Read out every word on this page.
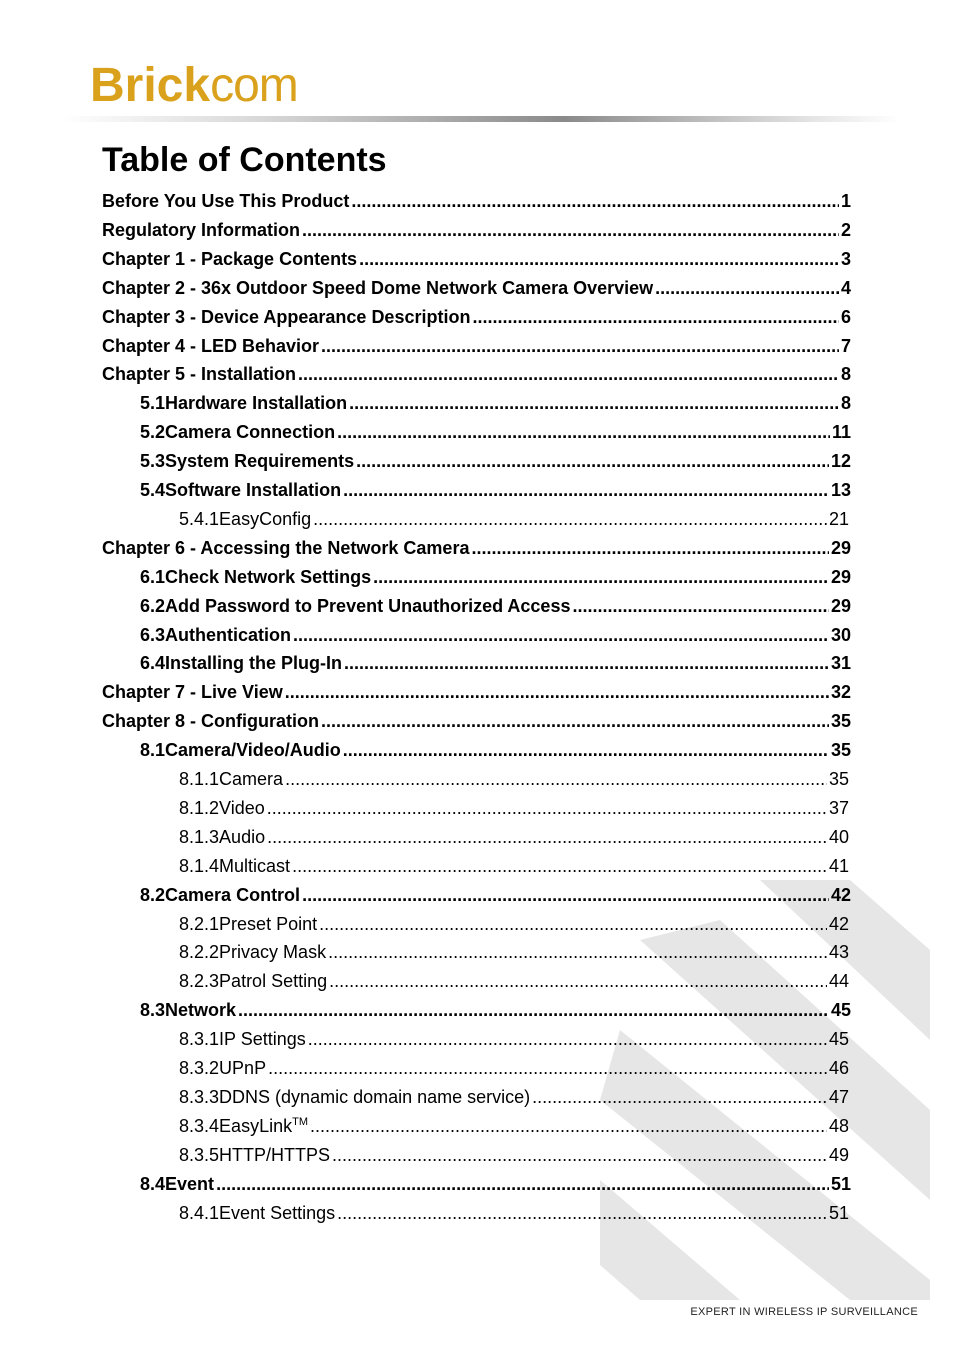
Brickcom
Table of Contents
Before You Use This Product .....	1
Regulatory Information .....	2
Chapter 1 - Package Contents .....	3
Chapter 2 - 36x Outdoor Speed Dome Network Camera Overview .....	4
Chapter 3 - Device Appearance Description .....	6
Chapter 4 - LED Behavior .....	7
Chapter 5 - Installation .....	8
5.1 Hardware Installation .....	8
5.2 Camera Connection .....	11
5.3 System Requirements .....	12
5.4 Software Installation .....	13
5.4.1 EasyConfig .....	21
Chapter 6 - Accessing the Network Camera .....	29
6.1 Check Network Settings .....	29
6.2 Add Password to Prevent Unauthorized Access .....	29
6.3 Authentication .....	30
6.4 Installing the Plug-In .....	31
Chapter 7 - Live View .....	32
Chapter 8 - Configuration .....	35
8.1 Camera/Video/Audio .....	35
8.1.1 Camera .....	35
8.1.2 Video .....	37
8.1.3 Audio .....	40
8.1.4 Multicast .....	41
8.2 Camera Control .....	42
8.2.1 Preset Point .....	42
8.2.2 Privacy Mask .....	43
8.2.3 Patrol Setting .....	44
8.3 Network .....	45
8.3.1 IP Settings .....	45
8.3.2 UPnP .....	46
8.3.3 DDNS (dynamic domain name service) .....	47
8.3.4 EasyLink™ .....	48
8.3.5 HTTP/HTTPS .....	49
8.4 Event .....	51
8.4.1 Event Settings .....	51
EXPERT IN WIRELESS IP SURVEILLANCE
